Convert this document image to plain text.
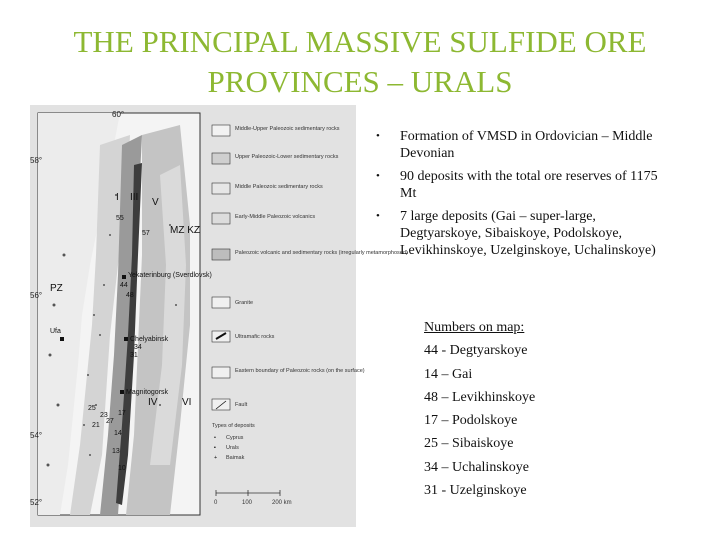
THE PRINCIPAL MASSIVE SULFIDE ORE
PROVINCES – URALS
60°
58°
56°
54°
52°
PZ
MZ KZ
I III V
IV VI
Yekaterinburg (Sverdlovsk)
Chelyabinsk
Magnitogorsk
Ufa
44
48
31
34
17
14
25
57
55
27
23
21
13
10
Middle-Upper Paleozoic sedimentary rocks
Upper Paleozoic-Lower sedimentary rocks
Middle Paleozoic sedimentary rocks
Early-Middle Paleozoic volcanics
Paleozoic volcanic and sedimentary rocks (irregularly metamorphosed)
Granite
Ultramafic rocks
Eastern boundary of Paleozoic rocks (on the surface)
Fault
Types of deposits
• Cyprus
▪ Urals
+ Baimak
0	100	200 km
• Formation of VMSD in Ordovician – Middle Devonian
• 90 deposits with the total ore reserves of 1175 Mt
• 7 large deposits (Gai – super-large, Degtyarskoye, Sibaiskoye, Podolskoye, Levikhinskoye, Uzelginskoye, Uchalinskoye)
Numbers on map:
44 - Degtyarskoye
14 – Gai
48 – Levikhinskoye
17 – Podolskoye
25 – Sibaiskoye
34 – Uchalinskoye
31 - Uzelginskoye
